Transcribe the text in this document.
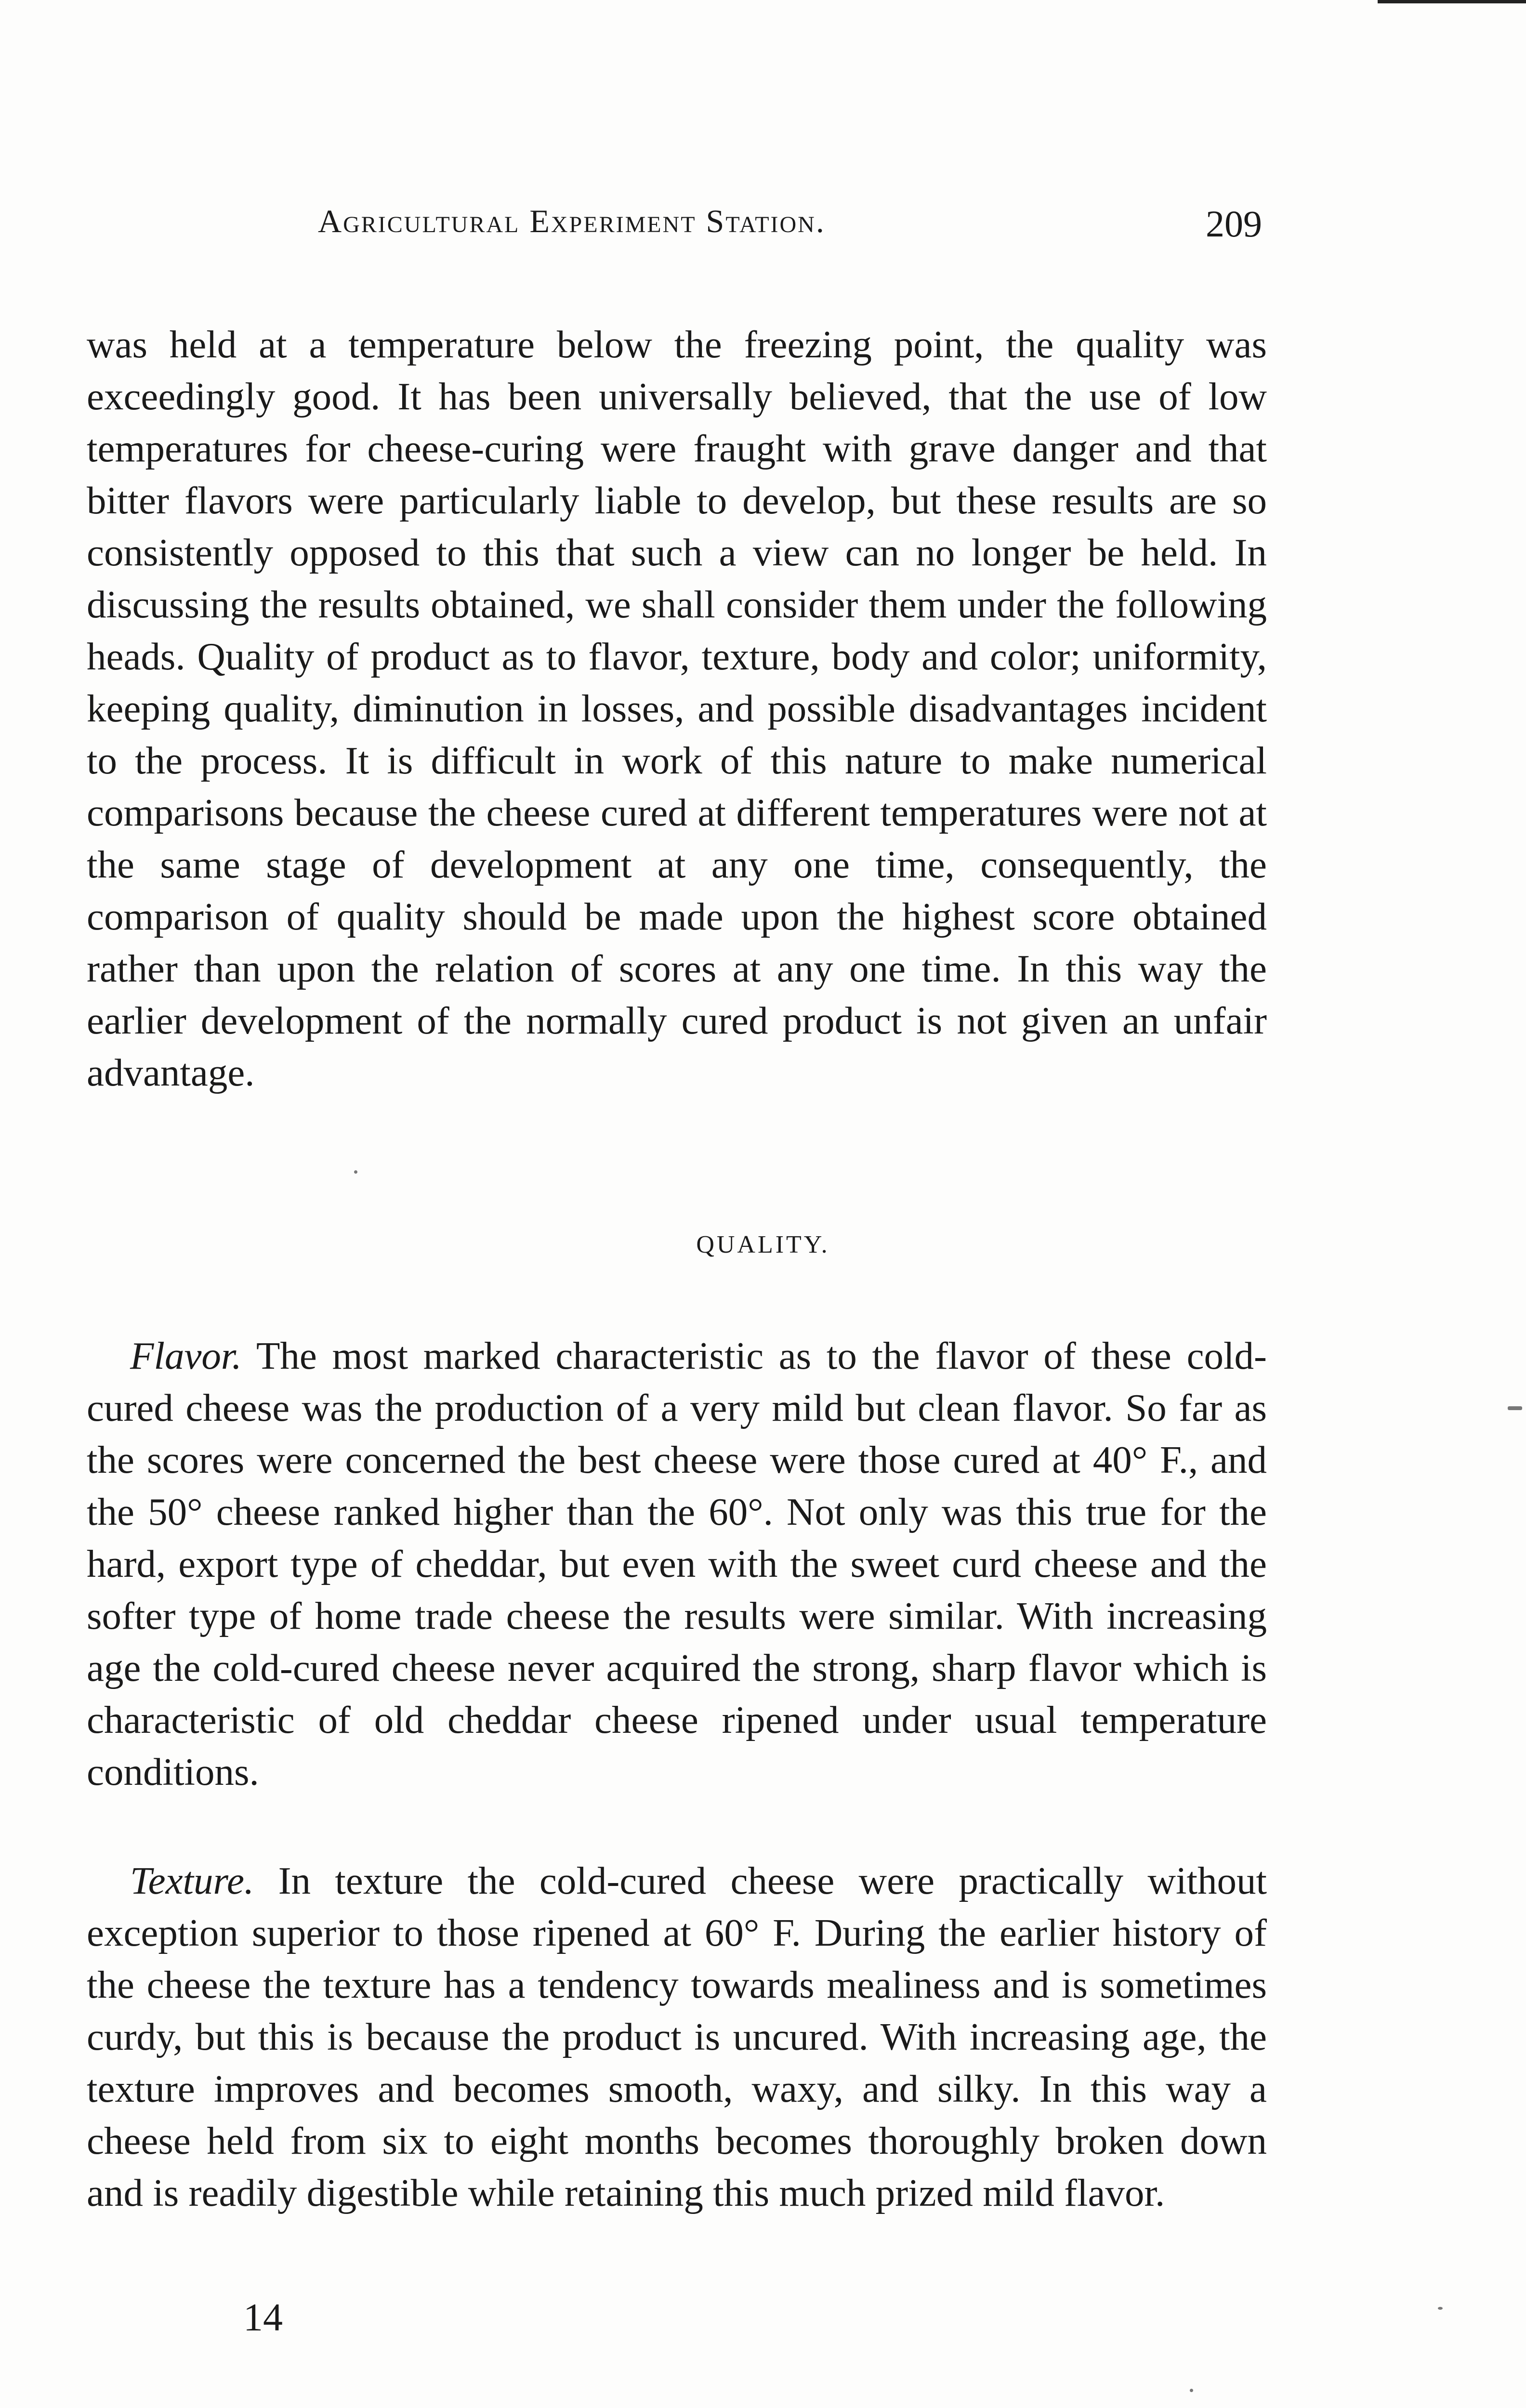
Agricultural Experiment Station.	209

was held at a temperature below the freezing point, the quality was exceedingly good. It has been universally believed, that the use of low temperatures for cheese-curing were fraught with grave danger and that bitter flavors were particularly liable to develop, but these results are so consistently opposed to this that such a view can no longer be held. In discussing the results obtained, we shall consider them under the following heads. Quality of product as to flavor, texture, body and color; uniformity, keeping quality, diminution in losses, and possible disadvantages incident to the process. It is difficult in work of this nature to make numerical comparisons because the cheese cured at different temperatures were not at the same stage of development at any one time, consequently, the comparison of quality should be made upon the highest score obtained rather than upon the relation of scores at any one time. In this way the earlier development of the normally cured product is not given an unfair advantage.

QUALITY.

Flavor. The most marked characteristic as to the flavor of these cold-cured cheese was the production of a very mild but clean flavor. So far as the scores were concerned the best cheese were those cured at 40° F., and the 50° cheese ranked higher than the 60°. Not only was this true for the hard, export type of cheddar, but even with the sweet curd cheese and the softer type of home trade cheese the results were similar. With increasing age the cold-cured cheese never acquired the strong, sharp flavor which is characteristic of old cheddar cheese ripened under usual temperature conditions.

Texture. In texture the cold-cured cheese were practically without exception superior to those ripened at 60° F. During the earlier history of the cheese the texture has a tendency towards mealiness and is sometimes curdy, but this is because the product is uncured. With increasing age, the texture improves and becomes smooth, waxy, and silky. In this way a cheese held from six to eight months becomes thoroughly broken down and is readily digestible while retaining this much prized mild flavor.

14
